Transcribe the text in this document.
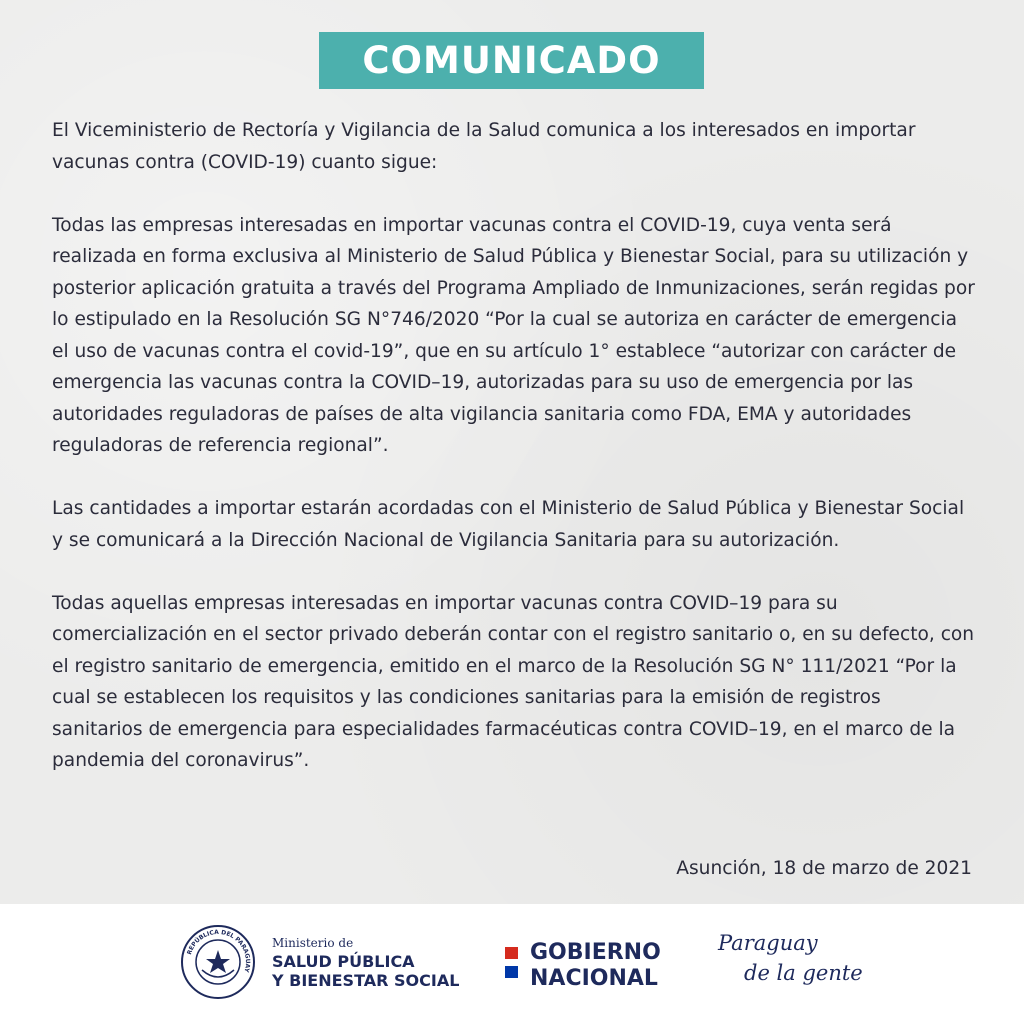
COMUNICADO

El Viceministerio de Rectoría y Vigilancia de la Salud comunica a los interesados en importar vacunas contra (COVID-19) cuanto sigue:

Todas las empresas interesadas en importar vacunas contra el COVID-19, cuya venta será realizada en forma exclusiva al Ministerio de Salud Pública y Bienestar Social, para su utilización y posterior aplicación gratuita a través del Programa Ampliado de Inmunizaciones, serán regidas por lo estipulado en la Resolución SG N°746/2020 “Por la cual se autoriza en carácter de emergencia el uso de vacunas contra el covid-19”, que en su artículo 1° establece “autorizar con carácter de emergencia las vacunas contra la COVID–19, autorizadas para su uso de emergencia por las autoridades reguladoras de países de alta vigilancia sanitaria como FDA, EMA y autoridades reguladoras de referencia regional”.

Las cantidades a importar estarán acordadas con el Ministerio de Salud Pública y Bienestar Social y se comunicará a la Dirección Nacional de Vigilancia Sanitaria para su autorización.

Todas aquellas empresas interesadas en importar vacunas contra COVID–19 para su comercialización en el sector privado deberán contar con el registro sanitario o, en su defecto, con el registro sanitario de emergencia, emitido en el marco de la Resolución SG N° 111/2021 “Por la cual se establecen los requisitos y las condiciones sanitarias para la emisión de registros sanitarios de emergencia para especialidades farmacéuticas contra COVID–19, en el marco de la pandemia del coronavirus”.

Asunción, 18 de marzo de 2021
REPÚBLICA DEL PARAGUAY
Ministerio de
SALUD PÚBLICA
Y BIENESTAR SOCIAL
GOBIERNO
NACIONAL
Paraguay
de la gente
